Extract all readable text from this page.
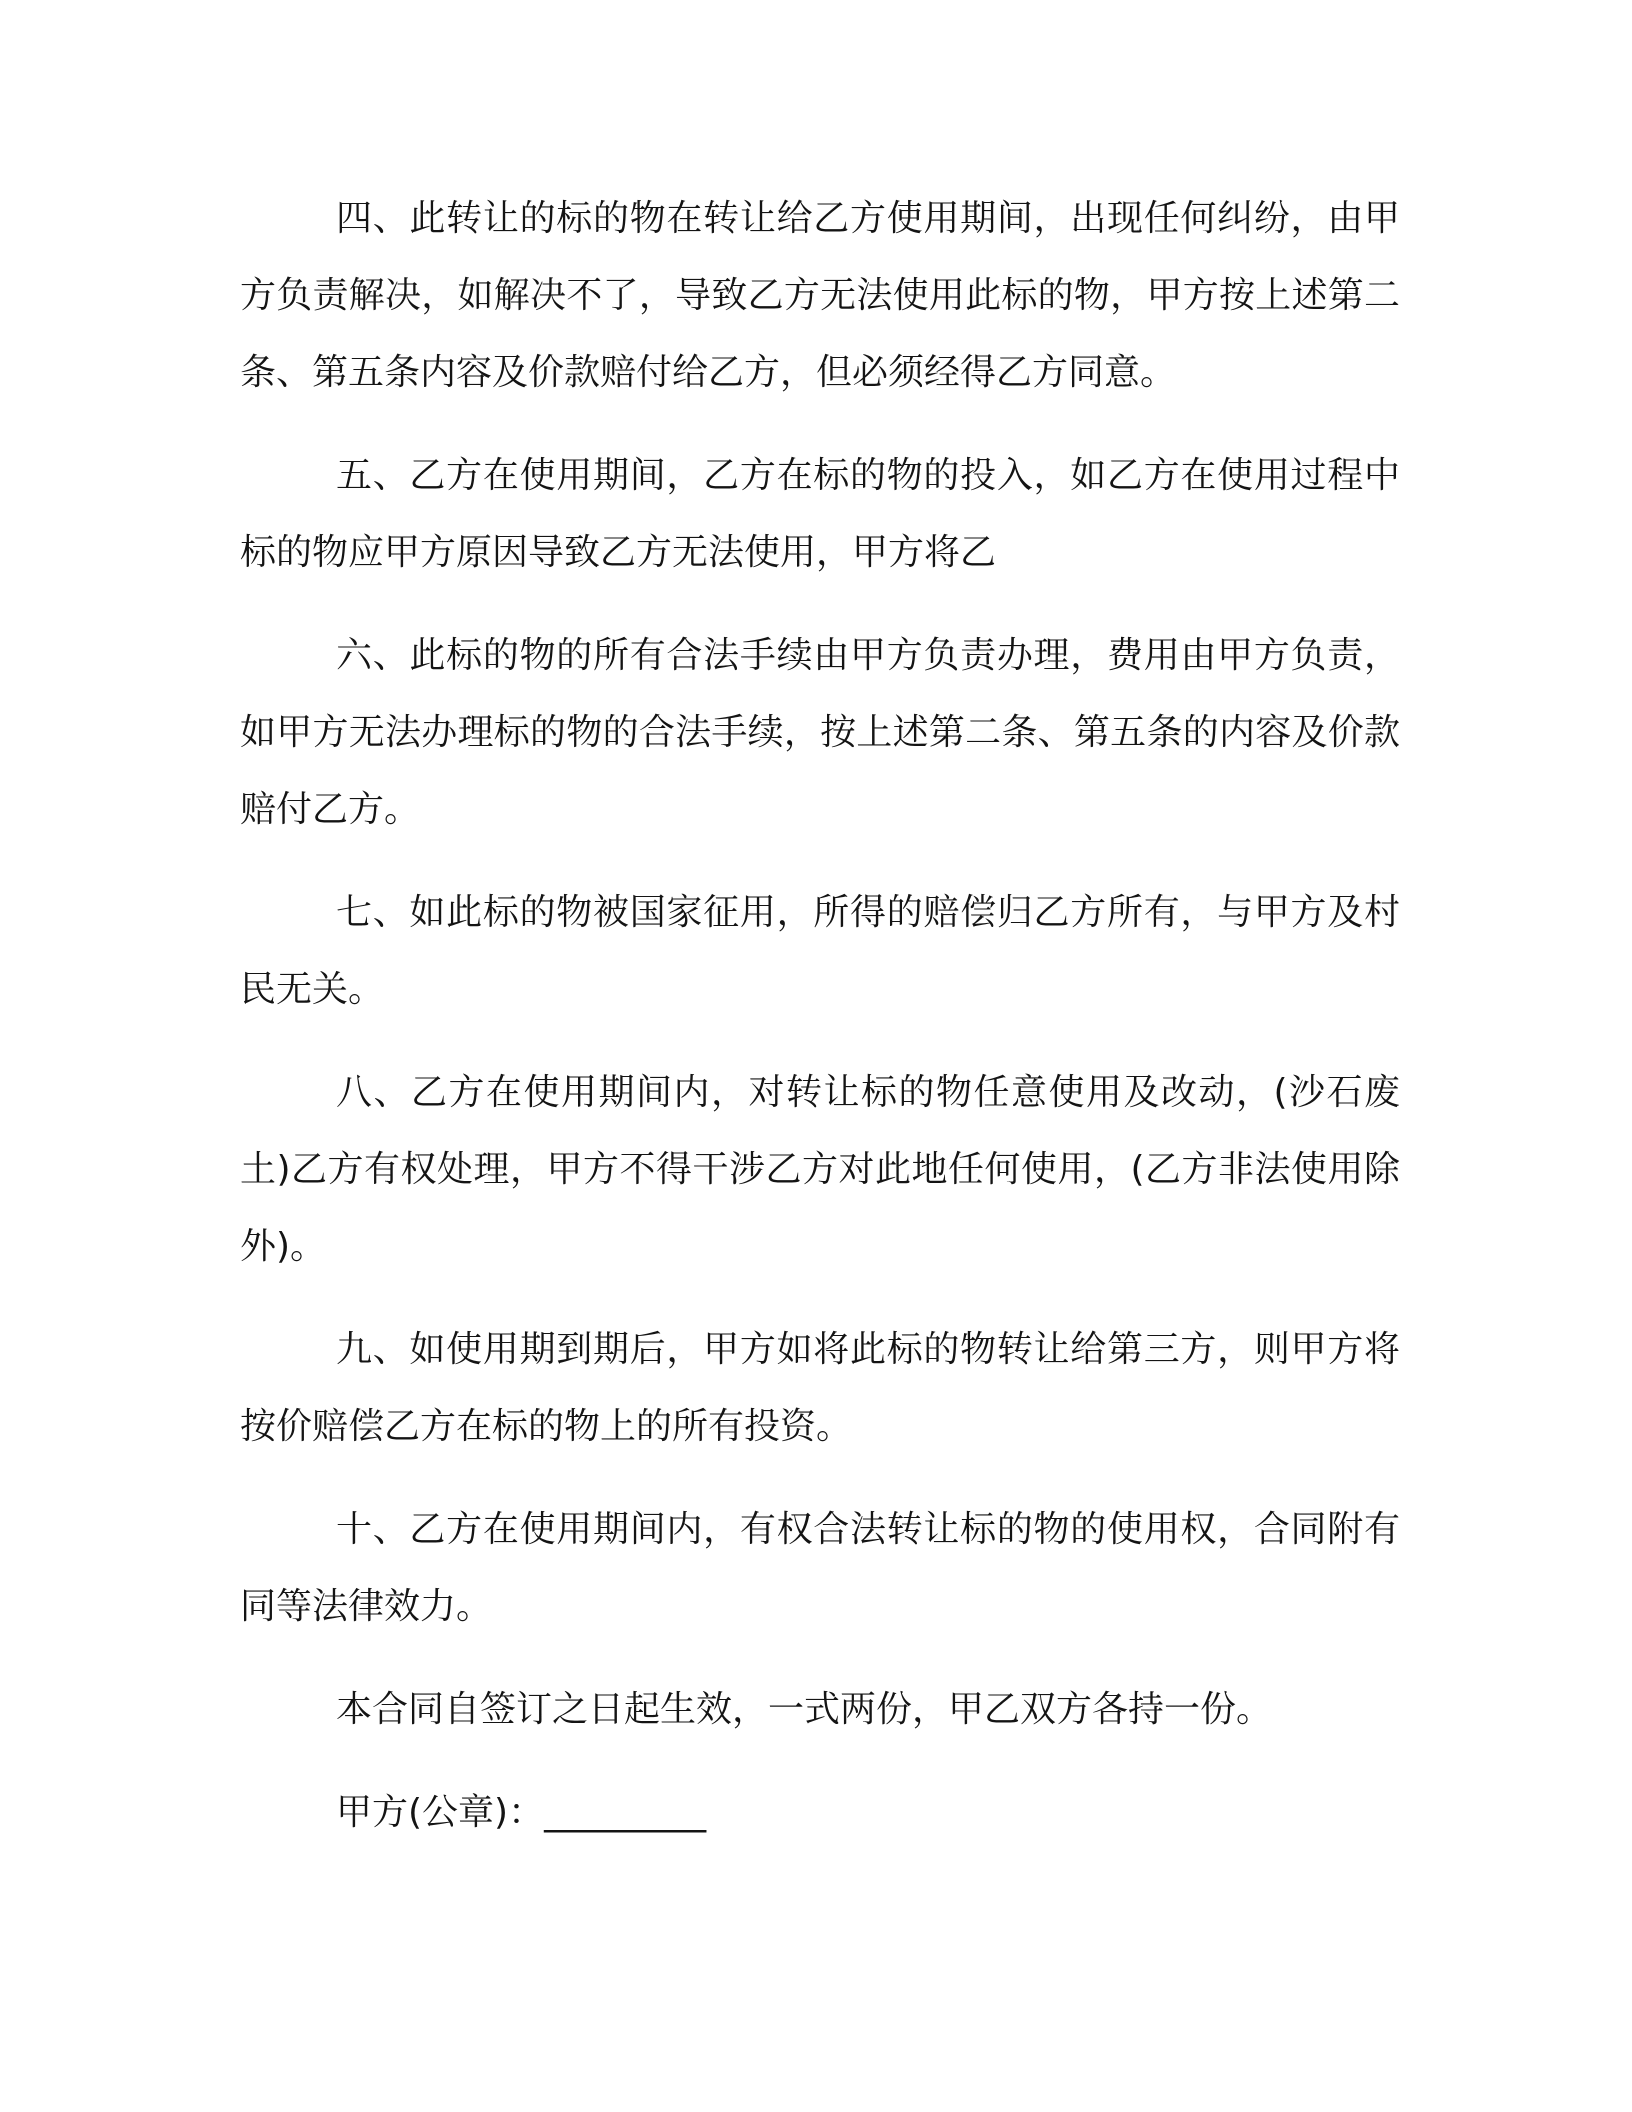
四、此转让的标的物在转让给乙方使用期间，出现任何纠纷，由甲方负责解决，如解决不了，导致乙方无法使用此标的物，甲方按上述第二条、第五条内容及价款赔付给乙方，但必须经得乙方同意。

五、乙方在使用期间，乙方在标的物的投入，如乙方在使用过程中标的物应甲方原因导致乙方无法使用，甲方将乙

六、此标的物的所有合法手续由甲方负责办理，费用由甲方负责，如甲方无法办理标的物的合法手续，按上述第二条、第五条的内容及价款赔付乙方。

七、如此标的物被国家征用，所得的赔偿归乙方所有，与甲方及村民无关。

八、乙方在使用期间内，对转让标的物任意使用及改动，(沙石废土)乙方有权处理，甲方不得干涉乙方对此地任何使用，(乙方非法使用除外)。

九、如使用期到期后，甲方如将此标的物转让给第三方，则甲方将按价赔偿乙方在标的物上的所有投资。

十、乙方在使用期间内，有权合法转让标的物的使用权，合同附有同等法律效力。

本合同自签订之日起生效，一式两份，甲乙双方各持一份。

甲方(公章)：_________
